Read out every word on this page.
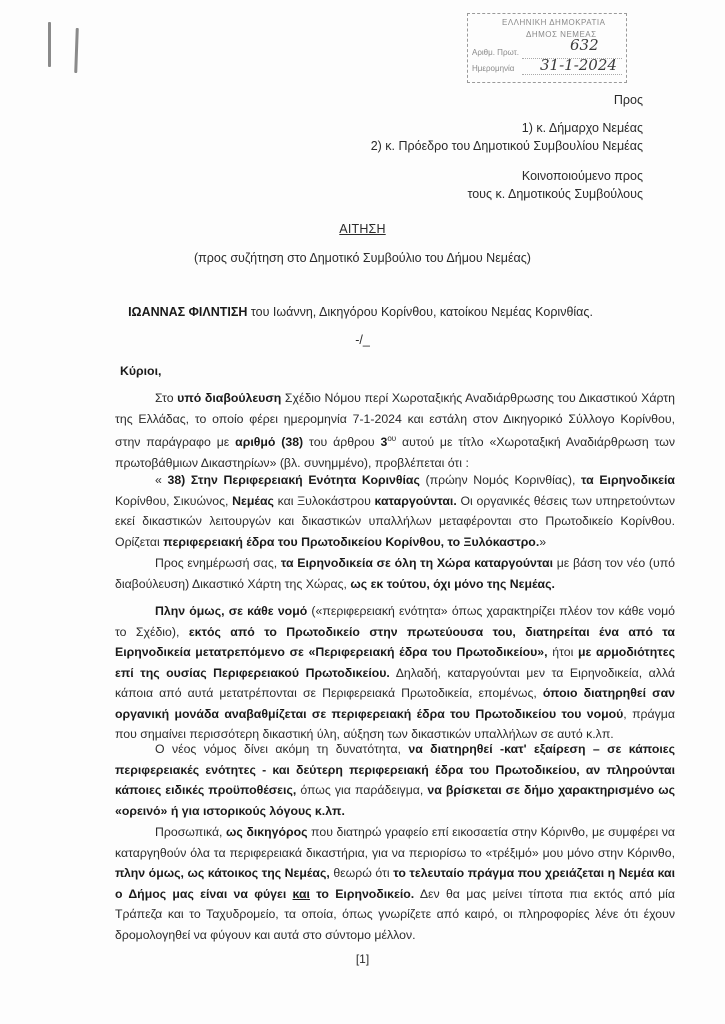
ΕΛΛΗΝΙΚΗ ΔΗΜΟΚΡΑΤΙΑ
ΔΗΜΟΣ ΝΕΜΕΑΣ
Αριθμ. Πρωτ.
Ημερομηνία
632
31-1-2024
Προς
1) κ. Δήμαρχο Νεμέας
2) κ. Πρόεδρο του Δημοτικού Συμβουλίου Νεμέας
Κοινοποιούμενο προς
τους κ. Δημοτικούς Συμβούλους
ΑΙΤΗΣΗ
(προς συζήτηση στο Δημοτικό Συμβούλιο του Δήμου Νεμέας)
ΙΩΑΝΝΑΣ ΦΙΛΝΤΙΣΗ του Ιωάννη, Δικηγόρου Κορίνθου, κατοίκου Νεμέας Κορινθίας.
-/_
Κύριοι,
Στο υπό διαβούλευση Σχέδιο Νόμου περί Χωροταξικής Αναδιάρθρωσης του Δικαστικού Χάρτη της Ελλάδας, το οποίο φέρει ημερομηνία 7-1-2024 και εστάλη στον Δικηγορικό Σύλλογο Κορίνθου, στην παράγραφο με αριθμό (38) του άρθρου $3^{o\upsilon}$ αυτού με τίτλο «Χωροταξική Αναδιάρθρωση των πρωτοβάθμιων Δικαστηρίων» (βλ. συνημμένο), προβλέπεται ότι :
« 38) Στην Περιφερειακή Ενότητα Κορινθίας (πρώην Νομός Κορινθίας), τα Ειρηνοδικεία Κορίνθου, Σικυώνος, Νεμέας και Ξυλοκάστρου καταργούνται. Οι οργανικές θέσεις των υπηρετούντων εκεί δικαστικών λειτουργών και δικαστικών υπαλλήλων μεταφέρονται στο Πρωτοδικείο Κορίνθου. Ορίζεται περιφερειακή έδρα του Πρωτοδικείου Κορίνθου, το Ξυλόκαστρο.»
Προς ενημέρωσή σας, τα Ειρηνοδικεία σε όλη τη Χώρα καταργούνται με βάση τον νέο (υπό διαβούλευση) Δικαστικό Χάρτη της Χώρας, ως εκ τούτου, όχι μόνο της Νεμέας.
Πλην όμως, σε κάθε νομό («περιφερειακή ενότητα» όπως χαρακτηρίζει πλέον τον κάθε νομό το Σχέδιο), εκτός από το Πρωτοδικείο στην πρωτεύουσα του, διατηρείται ένα από τα Ειρηνοδικεία μετατρεπόμενο σε «Περιφερειακή έδρα του Πρωτοδικείου», ήτοι με αρμοδιότητες επί της ουσίας Περιφερειακού Πρωτοδικείου. Δηλαδή, καταργούνται μεν τα Ειρηνοδικεία, αλλά κάποια από αυτά μετατρέπονται σε Περιφερειακά Πρωτοδικεία, επομένως, όποιο διατηρηθεί σαν οργανική μονάδα αναβαθμίζεται σε περιφερειακή έδρα του Πρωτοδικείου του νομού, πράγμα που σημαίνει περισσότερη δικαστική ύλη, αύξηση των δικαστικών υπαλλήλων σε αυτό κ.λπ.
Ο νέος νόμος δίνει ακόμη τη δυνατότητα, να διατηρηθεί -κατ' εξαίρεση – σε κάποιες περιφερειακές ενότητες - και δεύτερη περιφερειακή έδρα του Πρωτοδικείου, αν πληρούνται κάποιες ειδικές προϋποθέσεις, όπως για παράδειγμα, να βρίσκεται σε δήμο χαρακτηρισμένο ως «ορεινό» ή για ιστορικούς λόγους κ.λπ.
Προσωπικά, ως δικηγόρος που διατηρώ γραφείο επί εικοσαετία στην Κόρινθο, με συμφέρει να καταργηθούν όλα τα περιφερειακά δικαστήρια, για να περιορίσω το «τρέξιμό» μου μόνο στην Κόρινθο, πλην όμως, ως κάτοικος της Νεμέας, θεωρώ ότι το τελευταίο πράγμα που χρειάζεται η Νεμέα και ο Δήμος μας είναι να φύγει και το Ειρηνοδικείο. Δεν θα μας μείνει τίποτα πια εκτός από μία Τράπεζα και το Ταχυδρομείο, τα οποία, όπως γνωρίζετε από καιρό, οι πληροφορίες λένε ότι έχουν δρομολογηθεί να φύγουν και αυτά στο σύντομο μέλλον.
[1]
